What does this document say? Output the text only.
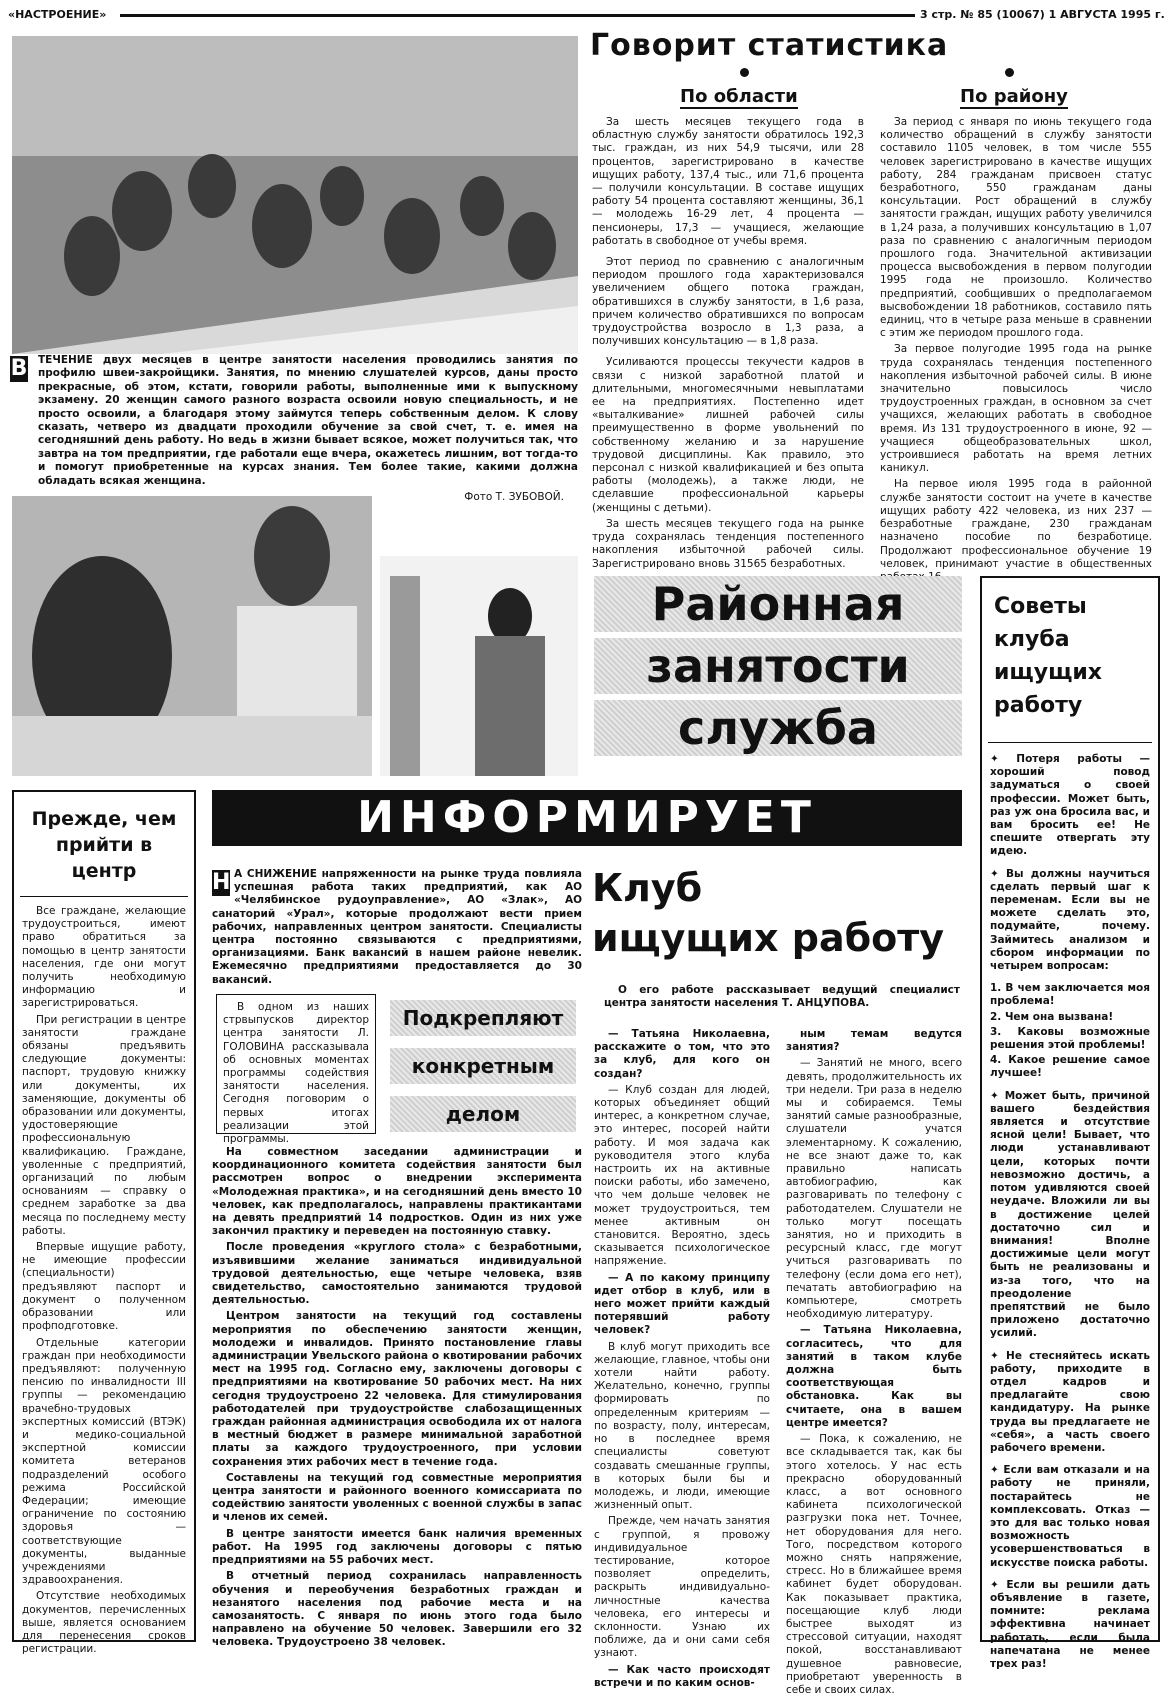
«НАСТРОЕНИЕ»	3 стр. № 85 (10067) 1 АВГУСТА 1995 г.

В ТЕЧЕНИЕ двух месяцев в центре занятости населения проводились занятия по профилю швеи-закройщики. Занятия, по мнению слушателей курсов, даны просто прекрасные, об этом, кстати, говорили работы, выполненные ими к выпускному экзамену. 20 женщин самого разного возраста освоили новую специальность, и не просто освоили, а благодаря этому займутся теперь собственным делом. К слову сказать, четверо из двадцати проходили обучение за свой счет, т. е. имея на сегодняшний день работу. Но ведь в жизни бывает всякое, может получиться так, что завтра на том предприятии, где работали еще вчера, окажетесь лишним, вот тогда-то и помогут приобретенные на курсах знания. Тем более такие, какими должна обладать всякая женщина.

Фото Т. ЗУБОВОЙ.
Говорит статистика
По области	По району

За шесть месяцев текущего года в областную службу занятости обратилось 192,3 тыс. граждан, из них 54,9 тысячи, или 28 процентов, зарегистрировано в качестве ищущих работу, 137,4 тыс., или 71,6 процента — получили консультации. В составе ищущих работу 54 процента составляют женщины, 36,1 — молодежь 16-29 лет, 4 процента — пенсионеры, 17,3 — учащиеся, желающие работать в свободное от учебы время.

Этот период по сравнению с аналогичным периодом прошлого года характеризовался увеличением общего потока граждан, обратившихся в службу занятости, в 1,6 раза, причем количество обратившихся по вопросам трудоустройства возросло в 1,3 раза, а получивших консультацию — в 1,8 раза.

Усиливаются процессы текучести кадров в связи с низкой заработной платой и длительными, многомесячными невыплатами ее на предприятиях. Постепенно идет «выталкивание» лишней рабочей силы преимущественно в форме увольнений по собственному желанию и за нарушение трудовой дисциплины. Как правило, это персонал с низкой квалификацией и без опыта работы (молодежь), а также люди, не сделавшие профессиональной карьеры (женщины с детьми).

За шесть месяцев текущего года на рынке труда сохранялась тенденция постепенного накопления избыточной рабочей силы. Зарегистрировано вновь 31565 безработных.

За период с января по июнь текущего года количество обращений в службу занятости составило 1105 человек, в том числе 555 человек зарегистрировано в качестве ищущих работу, 284 гражданам присвоен статус безработного, 550 гражданам даны консультации. Рост обращений в службу занятости граждан, ищущих работу увеличился в 1,24 раза, а получивших консультацию в 1,07 раза по сравнению с аналогичным периодом прошлого года. Значительной активизации процесса высвобождения в первом полугодии 1995 года не произошло. Количество предприятий, сообщивших о предполагаемом высвобождении 18 работников, составило пять единиц, что в четыре раза меньше в сравнении с этим же периодом прошлого года.

За первое полугодие 1995 года на рынке труда сохранялась тенденция постепенного накопления избыточной рабочей силы. В июне значительно повысилось число трудоустроенных граждан, в основном за счет учащихся, желающих работать в свободное время. Из 131 трудоустроенного в июне, 92 — учащиеся общеобразовательных школ, устроившиеся работать на время летних каникул.

На первое июля 1995 года в районной службе занятости состоит на учете в качестве ищущих работу 422 человека, из них 237 — безработные граждане, 230 гражданам назначено пособие по безработице. Продолжают профессиональное обучение 19 человек, принимают участие в общественных

Районная
занятости
служба
ИНФОРМИРУЕТ
Советы клуба ищущих работу

✦ Потеря работы — хороший повод задуматься о своей профессии. Может быть, раз уж она бросила вас, и вам бросить ее! Не спешите отвергать эту идею.

✦ Вы должны научиться сделать первый шаг к переменам. Если вы не можете сделать это, подумайте, почему. Займитесь анализом и сбором информации по четырем вопросам:

1. В чем заключается моя проблема!

2. Чем она вызвана!

3. Каковы возможные решения этой проблемы!

4. Какое решение самое лучшее!

✦ Может быть, причиной вашего бездействия является и отсутствие ясной цели! Бывает, что люди устанавливают цели, которых почти невозможно достичь, а потом удивляются своей неудаче. Вложили ли вы в достижение целей достаточно сил и внимания! Вполне достижимые цели могут быть не реализованы и из-за того, что на преодоление препятствий не было приложено достаточно усилий.

✦ Не стесняйтесь искать работу, приходите в отдел кадров и предлагайте свою кандидатуру. На рынке труда вы предлагаете не «себя», а часть своего рабочего времени.

✦ Если вам отказали и на работу не приняли, постарайтесь не комплексовать. Отказ — это для вас только новая возможность усовершенствоваться в искусстве поиска работы.

✦ Если вы решили дать объявление в газете, помните: реклама эффективна начинает работать, если была напечатана не менее трех раз!

Прежде, чем прийти в центр

Все граждане, желающие трудоустроиться, имеют право обратиться за помощью в центр занятости населения, где они могут получить необходимую информацию и зарегистрироваться.

При регистрации в центре занятости граждане обязаны предъявить следующие документы: паспорт, трудовую книжку или документы, их заменяющие, документы об образовании или документы, удостоверяющие профессиональную квалификацию. Граждане, уволенные с предприятий, организаций по любым основаниям — справку о среднем заработке за два месяца по последнему месту работы.

Впервые ищущие работу, не имеющие профессии (специальности) предъявляют паспорт и документ о полученном образовании или профподготовке.

Отдельные категории граждан при необходимости предъявляют: полученную пенсию по инвалидности III группы — рекомендацию врачебно-трудовых экспертных комиссий (ВТЭК) и медико-социальной экспертной комиссии комитета ветеранов подразделений особого режима Российской Федерации; имеющие ограничение по состоянию здоровья — соответствующие документы, выданные учреждениями здравоохранения.

Отсутствие необходимых документов, перечисленных выше, является основанием для перенесения сроков регистрации.

Н А СНИЖЕНИЕ напряженности на рынке труда повлияла успешная работа таких предприятий, как АО «Челябинское рудоуправление», АО «Злак», АО санаторий «Урал», которые продолжают вести прием рабочих, направленных центром занятости. Специалисты центра постоянно связываются с предприятиями, организациями. Банк вакансий в нашем районе невелик. Ежемесячно предприятиями предоставляется до 30 вакансий.

В одном из наших стрвыпусков директор центра занятости Л. ГОЛОВИНА рассказывала об основных моментах программы содействия занятости населения. Сегодня поговорим о первых итогах реализации этой программы.

Подкрепляют
конкретным
делом

На совместном заседании администрации и координационного комитета содействия занятости был рассмотрен вопрос о внедрении эксперимента «Молодежная практика», и на сегодняшний день вместо 10 человек, как предполагалось, направлены практикантами на девять предприятий 14 подростков. Один из них уже закончил практику и переведен на постоянную ставку.

После проведения «круглого стола» с безработными, изъявившими желание заниматься индивидуальной трудовой деятельностью, еще четыре человека, взяв свидетельство, самостоятельно занимаются трудовой деятельностью.

Центром занятости на текущий год составлены мероприятия по обеспечению занятости женщин, молодежи и инвалидов. Принято постановление главы администрации Увельского района о квотировании рабочих мест на 1995 год. Согласно ему, заключены договоры с предприятиями на квотирование 50 рабочих мест. На них сегодня трудоустроено 22 человека. Для стимулирования работодателей при трудоустройстве слабозащищенных граждан районная администрация освободила их от налога в местный бюджет в размере минимальной заработной платы за каждого трудоустроенного, при условии сохранения этих рабочих мест в течение года.

Составлены на текущий год совместные мероприятия центра занятости и районного военного комиссариата по содействию занятости уволенных с военной службы в запас и членов их семей.

В центре занятости имеется банк наличия временных работ. На 1995 год заключены договоры с пятью предприятиями на 55 рабочих мест.

В отчетный период сохранилась направленность обучения и переобучения безработных граждан и незанятого населения под рабочие места и на самозанятость. С января по июнь этого года было направлено на обучение 50 человек. Завершили его 32 человека. Трудоустроено 38 человек.

Клуб
ищущих работу
О его работе рассказывает ведущий специалист центра занятости населения Т. АНЦУПОВА.

— Татьяна Николаевна, расскажите о том, что это за клуб, для кого он создан?

— Клуб создан для людей, которых объединяет общий интерес, а конкретном случае, это интерес, посорей найти работу. И моя задача как руководителя этого клуба настроить их на активные поиски работы, ибо замечено, что чем дольше человек не может трудоустроиться, тем менее активным он становится. Вероятно, здесь сказывается психологическое напряжение.

— А по какому принципу идет отбор в клуб, или в него может прийти каждый потерявший работу человек?

В клуб могут приходить все желающие, главное, чтобы они хотели найти работу. Желательно, конечно, группы формировать по определенным критериям — по возрасту, полу, интересам, но в последнее время специалисты советуют создавать смешанные группы, в которых были бы и молодежь, и люди, имеющие жизненный опыт.

Прежде, чем начать занятия с группой, я провожу индивидуальное тестирование, которое позволяет определить, раскрыть индивидуально-личностные качества человека, его интересы и склонности. Узнаю их поближе, да и они сами себя узнают.

— Как часто происходят встречи и по каким основ-

ным темам ведутся занятия?

— Занятий не много, всего девять, продолжительность их три недели. Три раза в неделю мы и собираемся. Темы занятий самые разнообразные, слушатели учатся элементарному. К сожалению, не все знают даже то, как правильно написать автобиографию, как разговаривать по телефону с работодателем. Слушатели не только могут посещать занятия, но и приходить в ресурсный класс, где могут учиться разговаривать по телефону (если дома его нет), печатать автобиографию на компьютере, смотреть необходимую литературу.

— Татьяна Николаевна, согласитесь, что для занятий в таком клубе должна быть соответствующая обстановка. Как вы считаете, она в вашем центре имеется?

— Пока, к сожалению, не все складывается так, как бы этого хотелось. У нас есть прекрасно оборудованный класс, а вот основного кабинета психологической разгрузки пока нет. Точнее, нет оборудования для него. Того, посредством которого можно снять напряжение, стресс. Но в ближайшее время кабинет будет оборудован. Как показывает практика, посещающие клуб люди быстрее выходят из стрессовой ситуации, находят покой, восстанавливают душевное равновесие, приобретают уверенность в себе и своих силах.
